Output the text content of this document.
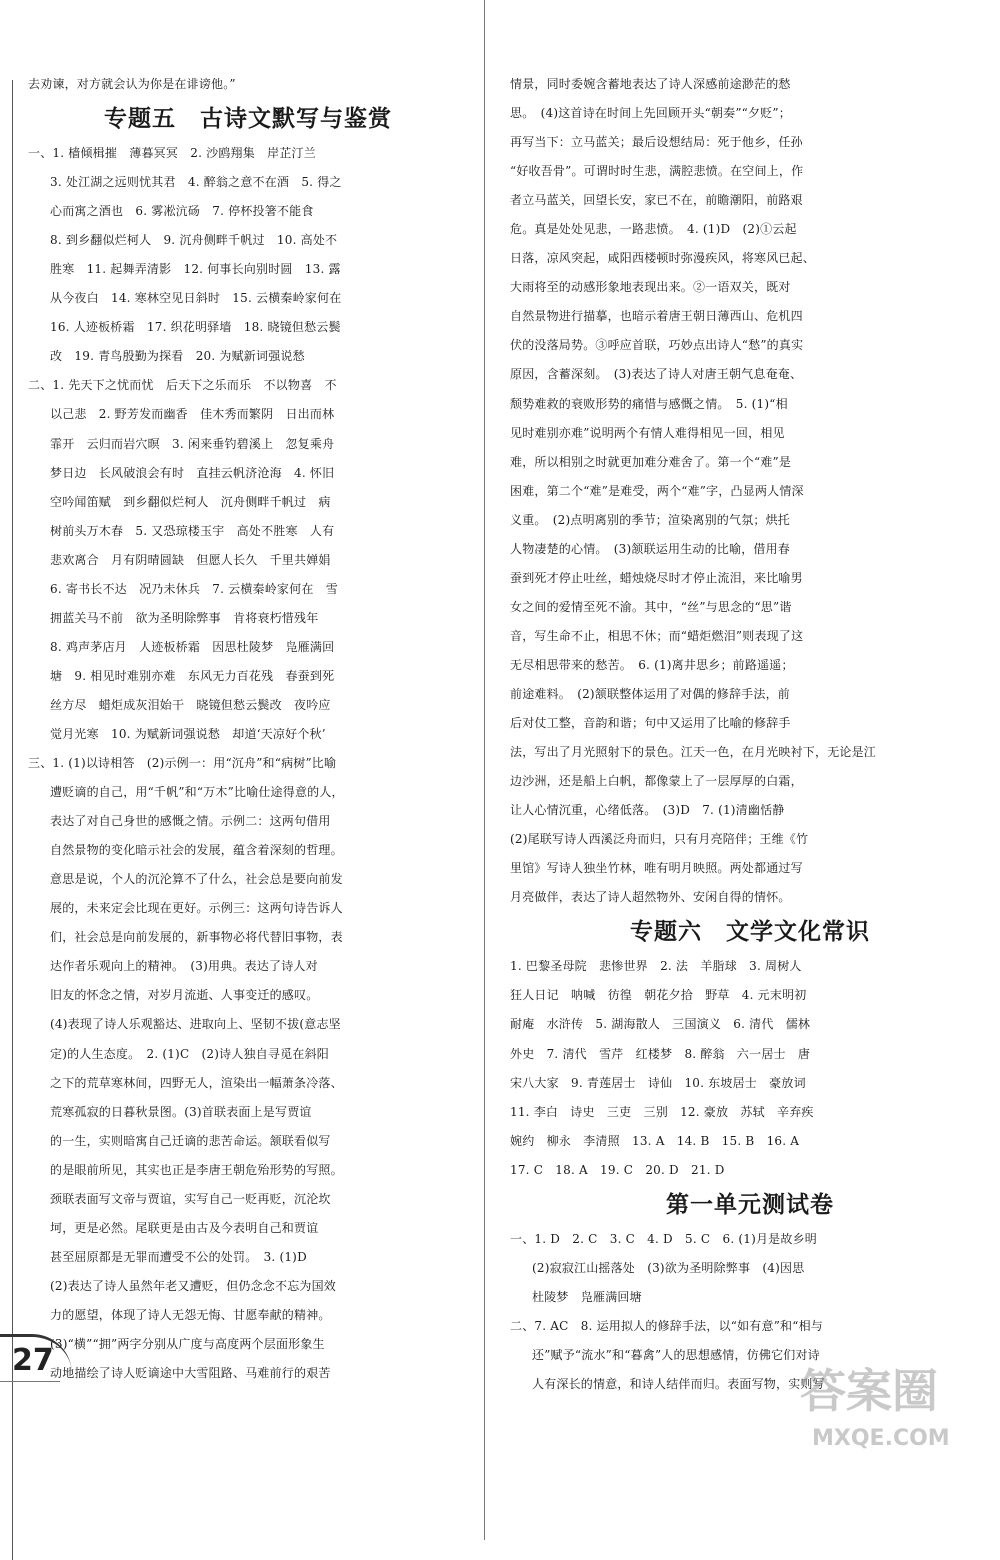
去劝谏，对方就会认为你是在诽谤他。”
专题五　古诗文默写与鉴赏
一、1. 樯倾楫摧　薄暮冥冥　2. 沙鸥翔集　岸芷汀兰
3. 处江湖之远则忧其君　4. 醉翁之意不在酒　5. 得之
心而寓之酒也　6. 雾凇沆砀　7. 停杯投箸不能食
8. 到乡翻似烂柯人　9. 沉舟侧畔千帆过　10. 高处不
胜寒　11. 起舞弄清影　12. 何事长向别时圆　13. 露
从今夜白　14. 寒林空见日斜时　15. 云横秦岭家何在
16. 人迹板桥霜　17. 织花明驿墙　18. 晓镜但愁云鬓
改　19. 青鸟殷勤为探看　20. 为赋新词强说愁
二、1. 先天下之忧而忧　后天下之乐而乐　不以物喜　不
以己悲　2. 野芳发而幽香　佳木秀而繁阴　日出而林
霏开　云归而岩穴暝　3. 闲来垂钓碧溪上　忽复乘舟
梦日边　长风破浪会有时　直挂云帆济沧海　4. 怀旧
空吟闻笛赋　到乡翻似烂柯人　沉舟侧畔千帆过　病
树前头万木春　5. 又恐琼楼玉宇　高处不胜寒　人有
悲欢离合　月有阴晴圆缺　但愿人长久　千里共婵娟
6. 寄书长不达　况乃未休兵　7. 云横秦岭家何在　雪
拥蓝关马不前　欲为圣明除弊事　肯将衰朽惜残年
8. 鸡声茅店月　人迹板桥霜　因思杜陵梦　凫雁满回
塘　9. 相见时难别亦难　东风无力百花残　春蚕到死
丝方尽　蜡炬成灰泪始干　晓镜但愁云鬓改　夜吟应
觉月光寒　10. 为赋新词强说愁　却道‘天凉好个秋’
三、1. (1)以诗相答　(2)示例一：用“沉舟”和“病树”比喻
遭贬谪的自己，用“千帆”和“万木”比喻仕途得意的人，
表达了对自己身世的感慨之情。示例二：这两句借用
自然景物的变化暗示社会的发展，蕴含着深刻的哲理。
意思是说，个人的沉沦算不了什么，社会总是要向前发
展的，未来定会比现在更好。示例三：这两句诗告诉人
们，社会总是向前发展的，新事物必将代替旧事物，表
达作者乐观向上的精神。　(3)用典。表达了诗人对
旧友的怀念之情，对岁月流逝、人事变迁的感叹。
(4)表现了诗人乐观豁达、进取向上、坚韧不拔(意志坚
定)的人生态度。　2. (1)C　(2)诗人独自寻觅在斜阳
之下的荒草寒林间，四野无人，渲染出一幅萧条冷落、
荒寒孤寂的日暮秋景图。(3)首联表面上是写贾谊
的一生，实则暗寓自己迁谪的悲苦命运。颔联看似写
的是眼前所见，其实也正是李唐王朝危殆形势的写照。
颈联表面写文帝与贾谊，实写自己一贬再贬，沉沦坎
坷，更是必然。尾联更是由古及今表明自己和贾谊
甚至屈原都是无罪而遭受不公的处罚。　3. (1)D
(2)表达了诗人虽然年老又遭贬，但仍念念不忘为国效
力的愿望，体现了诗人无怨无悔、甘愿奉献的精神。
(3)“横”“拥”两字分别从广度与高度两个层面形象生
动地描绘了诗人贬谪途中大雪阻路、马难前行的艰苦
情景，同时委婉含蓄地表达了诗人深感前途渺茫的愁
思。　(4)这首诗在时间上先回顾开头“朝奏”“夕贬”；
再写当下：立马蓝关；最后设想结局：死于他乡，任孙
“好收吾骨”。可谓时时生悲，满腔悲愤。在空间上，作
者立马蓝关，回望长安，家已不在，前瞻潮阳，前路艰
危。真是处处见悲，一路悲愤。　4. (1)D　(2)①云起
日落，凉风突起，咸阳西楼顿时弥漫疾风，将寒风已起、
大雨将至的动感形象地表现出来。②一语双关，既对
自然景物进行描摹，也暗示着唐王朝日薄西山、危机四
伏的没落局势。③呼应首联，巧妙点出诗人“愁”的真实
原因，含蓄深刻。　(3)表达了诗人对唐王朝气息奄奄、
颓势难救的衰败形势的痛惜与感慨之情。　5. (1)“相
见时难别亦难”说明两个有情人难得相见一回，相见
难，所以相别之时就更加难分难舍了。第一个“难”是
困难，第二个“难”是难受，两个“难”字，凸显两人情深
义重。　(2)点明离别的季节；渲染离别的气氛；烘托
人物凄楚的心情。　(3)颔联运用生动的比喻，借用春
蚕到死才停止吐丝，蜡烛烧尽时才停止流泪，来比喻男
女之间的爱情至死不渝。其中，“丝”与思念的“思”谐
音，写生命不止，相思不休；而“蜡炬燃泪”则表现了这
无尽相思带来的愁苦。　6. (1)离井思乡；前路遥遥；
前途难料。　(2)颔联整体运用了对偶的修辞手法，前
后对仗工整，音韵和谐；句中又运用了比喻的修辞手
法，写出了月光照射下的景色。江天一色，在月光映衬下，无论是江
边沙洲，还是船上白帆，都像蒙上了一层厚厚的白霜，
让人心情沉重，心绪低落。　(3)D　7. (1)清幽恬静
(2)尾联写诗人西溪泛舟而归，只有月亮陪伴；王维《竹
里馆》写诗人独坐竹林，唯有明月映照。两处都通过写
月亮做伴，表达了诗人超然物外、安闲自得的情怀。
专题六　文学文化常识
1. 巴黎圣母院　悲惨世界　2. 法　羊脂球　3. 周树人
狂人日记　呐喊　彷徨　朝花夕拾　野草　4. 元末明初
耐庵　水浒传　5. 湖海散人　三国演义　6. 清代　儒林
外史　7. 清代　雪芹　红楼梦　8. 醉翁　六一居士　唐
宋八大家　9. 青莲居士　诗仙　10. 东坡居士　豪放词
11. 李白　诗史　三吏　三别　12. 豪放　苏轼　辛弃疾
婉约　柳永　李清照　13. A　14. B　15. B　16. A
17. C　18. A　19. C　20. D　21. D
第一单元测试卷
一、1. D　2. C　3. C　4. D　5. C　6. (1)月是故乡明
(2)寂寂江山摇落处　(3)欲为圣明除弊事　(4)因思
杜陵梦　凫雁满回塘
二、7. AC　8. 运用拟人的修辞手法，以“如有意”和“相与
还”赋予“流水”和“暮禽”人的思想感情，仿佛它们对诗
人有深长的情意，和诗人结伴而归。表面写物，实则写
27
答案圈
MXQE.COM
